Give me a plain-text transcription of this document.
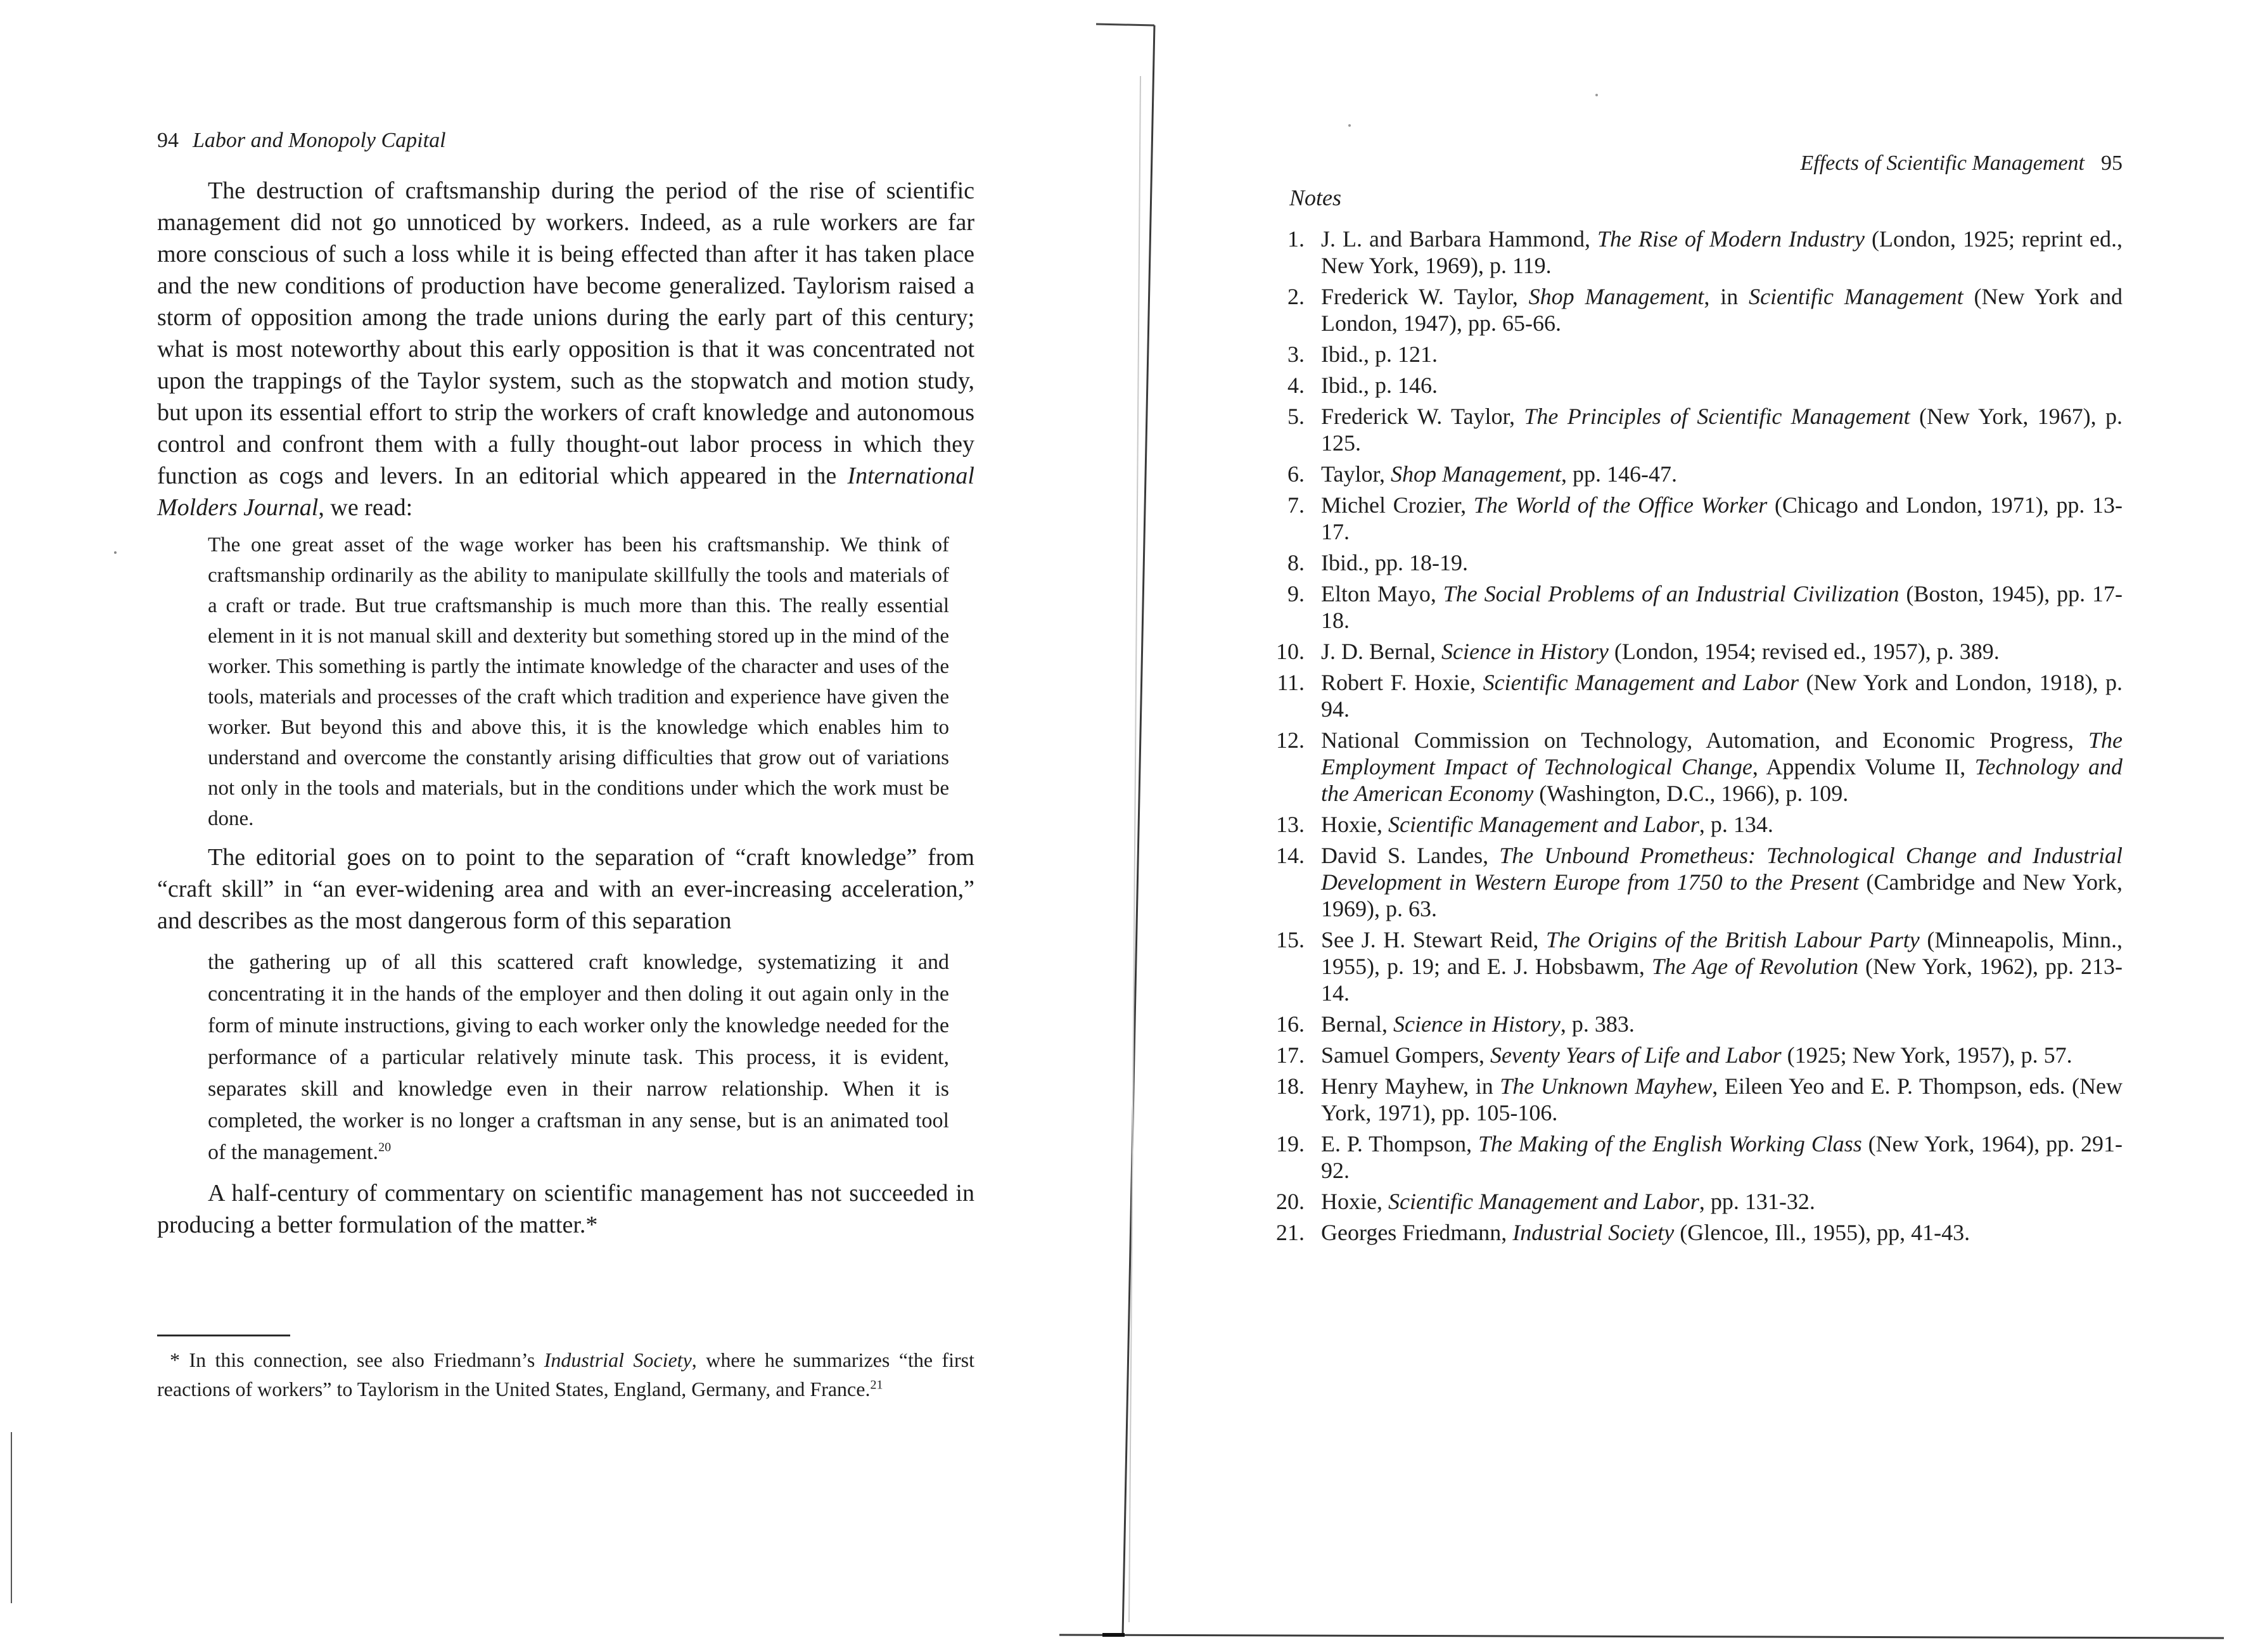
94 Labor and Monopoly Capital

The destruction of craftsmanship during the period of the rise of scientific management did not go unnoticed by workers. Indeed, as a rule workers are far more conscious of such a loss while it is being effected than after it has taken place and the new conditions of production have become generalized. Taylorism raised a storm of opposition among the trade unions during the early part of this century; what is most noteworthy about this early opposition is that it was concentrated not upon the trappings of the Taylor system, such as the stopwatch and motion study, but upon its essential effort to strip the workers of craft knowledge and autonomous control and confront them with a fully thought-out labor process in which they function as cogs and levers. In an editorial which appeared in the International Molders Journal, we read:

The one great asset of the wage worker has been his craftsmanship. We think of craftsmanship ordinarily as the ability to manipulate skillfully the tools and materials of a craft or trade. But true craftsmanship is much more than this. The really essential element in it is not manual skill and dexterity but something stored up in the mind of the worker. This something is partly the intimate knowledge of the character and uses of the tools, materials and processes of the craft which tradition and experience have given the worker. But beyond this and above this, it is the knowledge which enables him to understand and overcome the constantly arising difficulties that grow out of variations not only in the tools and materials, but in the conditions under which the work must be done.

The editorial goes on to point to the separation of “craft knowledge” from “craft skill” in “an ever-widening area and with an ever-increasing acceleration,” and describes as the most dangerous form of this separation

the gathering up of all this scattered craft knowledge, systematizing it and concentrating it in the hands of the employer and then doling it out again only in the form of minute instructions, giving to each worker only the knowledge needed for the performance of a particular relatively minute task. This process, it is evident, separates skill and knowledge even in their narrow relationship. When it is completed, the worker is no longer a craftsman in any sense, but is an animated tool of the management.$^{20}$

A half-century of commentary on scientific management has not succeeded in producing a better formulation of the matter.*

* In this connection, see also Friedmann’s Industrial Society, where he summarizes “the first reactions of workers” to Taylorism in the United States, England, Germany, and France.$^{21}$

Effects of Scientific Management 95

Notes

1. J. L. and Barbara Hammond, The Rise of Modern Industry (London, 1925; reprint ed., New York, 1969), p. 119.
2. Frederick W. Taylor, Shop Management, in Scientific Management (New York and London, 1947), pp. 65-66.
3. Ibid., p. 121.
4. Ibid., p. 146.
5. Frederick W. Taylor, The Principles of Scientific Management (New York, 1967), p. 125.
6. Taylor, Shop Management, pp. 146-47.
7. Michel Crozier, The World of the Office Worker (Chicago and London, 1971), pp. 13-17.
8. Ibid., pp. 18-19.
9. Elton Mayo, The Social Problems of an Industrial Civilization (Boston, 1945), pp. 17-18.
10. J. D. Bernal, Science in History (London, 1954; revised ed., 1957), p. 389.
11. Robert F. Hoxie, Scientific Management and Labor (New York and London, 1918), p. 94.
12. National Commission on Technology, Automation, and Economic Progress, The Employment Impact of Technological Change, Appendix Volume II, Technology and the American Economy (Washington, D.C., 1966), p. 109.
13. Hoxie, Scientific Management and Labor, p. 134.
14. David S. Landes, The Unbound Prometheus: Technological Change and Industrial Development in Western Europe from 1750 to the Present (Cambridge and New York, 1969), p. 63.
15. See J. H. Stewart Reid, The Origins of the British Labour Party (Minneapolis, Minn., 1955), p. 19; and E. J. Hobsbawm, The Age of Revolution (New York, 1962), pp. 213-14.
16. Bernal, Science in History, p. 383.
17. Samuel Gompers, Seventy Years of Life and Labor (1925; New York, 1957), p. 57.
18. Henry Mayhew, in The Unknown Mayhew, Eileen Yeo and E. P. Thompson, eds. (New York, 1971), pp. 105-106.
19. E. P. Thompson, The Making of the English Working Class (New York, 1964), pp. 291-92.
20. Hoxie, Scientific Management and Labor, pp. 131-32.
21. Georges Friedmann, Industrial Society (Glencoe, Ill., 1955), pp, 41-43.
